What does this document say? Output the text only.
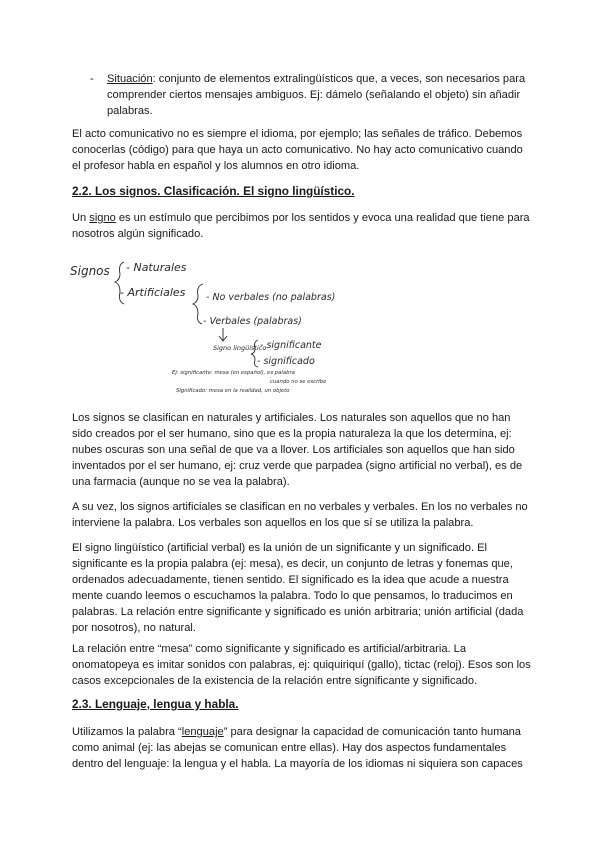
- Situación: conjunto de elementos extralingüísticos que, a veces, son necesarios para comprender ciertos mensajes ambiguos. Ej: dámelo (señalando el objeto) sin añadir palabras.

El acto comunicativo no es siempre el idioma, por ejemplo; las señales de tráfico. Debemos conocerlas (código) para que haya un acto comunicativo. No hay acto comunicativo cuando el profesor habla en español y los alumnos en otro idioma.

2.2. Los signos. Clasificación. El signo lingüístico.

Un signo es un estímulo que percibimos por los sentidos y evoca una realidad que tiene para nosotros algún significado.

Signos - Naturales
- Artificiales - No verbales (no palabras)
- Verbales (palabras)
Signo lingüístico
- significante
- significado
Ej: significante: mesa (en español), es palabra
cuando no se escribe
Significado: mesa en la realidad, un objeto

Los signos se clasifican en naturales y artificiales. Los naturales son aquellos que no han sido creados por el ser humano, sino que es la propia naturaleza la que los determina, ej: nubes oscuras son una señal de que va a llover. Los artificiales son aquellos que han sido inventados por el ser humano, ej: cruz verde que parpadea (signo artificial no verbal), es de una farmacia (aunque no se vea la palabra).

A su vez, los signos artificiales se clasifican en no verbales y verbales. En los no verbales no interviene la palabra. Los verbales son aquellos en los que sí se utiliza la palabra.

El signo lingüístico (artificial verbal) es la unión de un significante y un significado. El significante es la propia palabra (ej: mesa), es decir, un conjunto de letras y fonemas que, ordenados adecuadamente, tienen sentido. El significado es la idea que acude a nuestra mente cuando leemos o escuchamos la palabra. Todo lo que pensamos, lo traducimos en palabras. La relación entre significante y significado es unión arbitraria; unión artificial (dada por nosotros), no natural.

La relación entre “mesa” como significante y significado es artificial/arbitraria. La onomatopeya es imitar sonidos con palabras, ej: quiquiriquí (gallo), tictac (reloj). Esos son los casos excepcionales de la existencia de la relación entre significante y significado.

2.3. Lenguaje, lengua y habla.

Utilizamos la palabra “lenguaje” para designar la capacidad de comunicación tanto humana como animal (ej: las abejas se comunican entre ellas). Hay dos aspectos fundamentales dentro del lenguaje: la lengua y el habla. La mayoría de los idiomas ni siquiera son capaces
